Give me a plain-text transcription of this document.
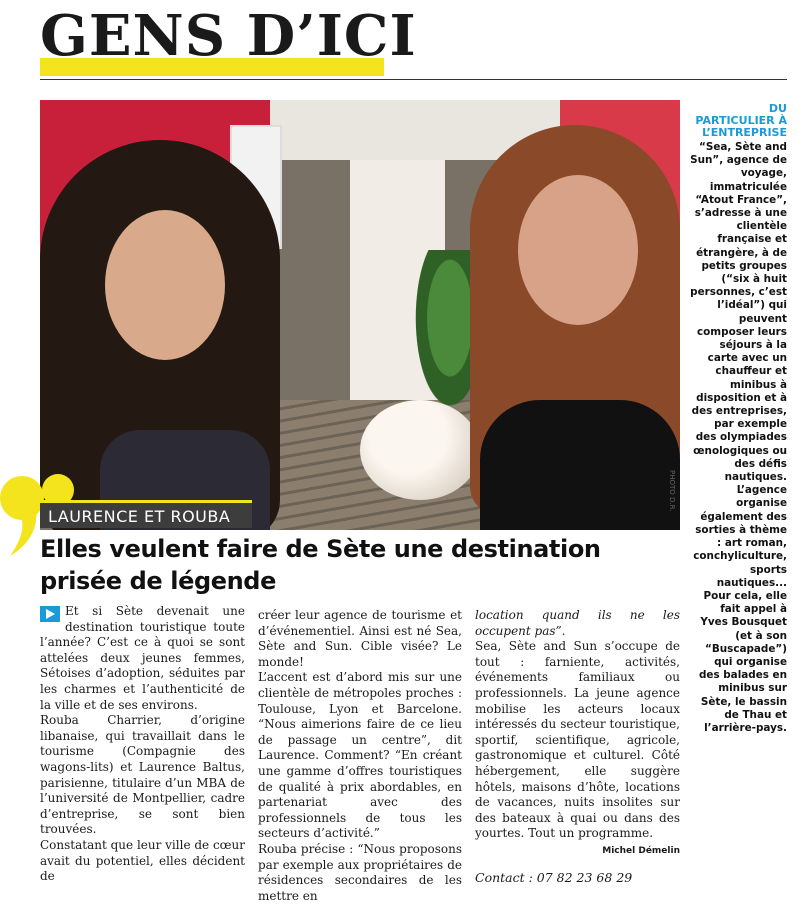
GENS D’ICI
PHOTO D.R.
LAURENCE ET ROUBA
Elles veulent faire de Sète une destination prisée de légende

Et si Sète devenait une destination touristique toute l’année? C’est ce à quoi se sont attelées deux jeunes femmes, Sétoises d’adoption, séduites par les charmes et l’authenticité de la ville et de ses environs.

Rouba Charrier, d’origine libanaise, qui travaillait dans le tourisme (Compagnie des wagons-lits) et Laurence Baltus, parisienne, titulaire d’un MBA de l’université de Montpellier, cadre d’entreprise, se sont bien trouvées.

Constatant que leur ville de cœur avait du potentiel, elles décident de

créer leur agence de tourisme et d’événementiel. Ainsi est né Sea, Sète and Sun. Cible visée? Le monde!

L’accent est d’abord mis sur une clientèle de métropoles proches : Toulouse, Lyon et Barcelone. “Nous aimerions faire de ce lieu de passage un centre”, dit Laurence. Comment? “En créant une gamme d’offres touristiques de qualité à prix abordables, en partenariat avec des professionnels de tous les secteurs d’activité.”

Rouba précise : “Nous proposons par exemple aux propriétaires de résidences secondaires de les mettre en

location quand ils ne les occupent pas”.

Sea, Sète and Sun s’occupe de tout : farniente, activités, événements familiaux ou professionnels. La jeune agence mobilise les acteurs locaux intéressés du secteur touristique, sportif, scientifique, agricole, gastronomique et culturel. Côté hébergement, elle suggère hôtels, maisons d’hôte, locations de vacances, nuits insolites sur des bateaux à quai ou dans des yourtes. Tout un programme.

Michel Démelin

Contact : 07 82 23 68 29

DU PARTICULIER À L’ENTREPRISE

“Sea, Sète and Sun”, agence de voyage, immatriculée “Atout France”, s’adresse à une clientèle française et étrangère, à de petits groupes (“six à huit personnes, c’est l’idéal”) qui peuvent composer leurs séjours à la carte avec un chauffeur et minibus à disposition et à des entreprises, par exemple des olympiades œnologiques ou des défis nautiques. L’agence organise également des sorties à thème : art roman, conchyliculture, sports nautiques... Pour cela, elle fait appel à Yves Bousquet (et à son “Buscapade”) qui organise des balades en minibus sur Sète, le bassin de Thau et l’arrière-pays.
